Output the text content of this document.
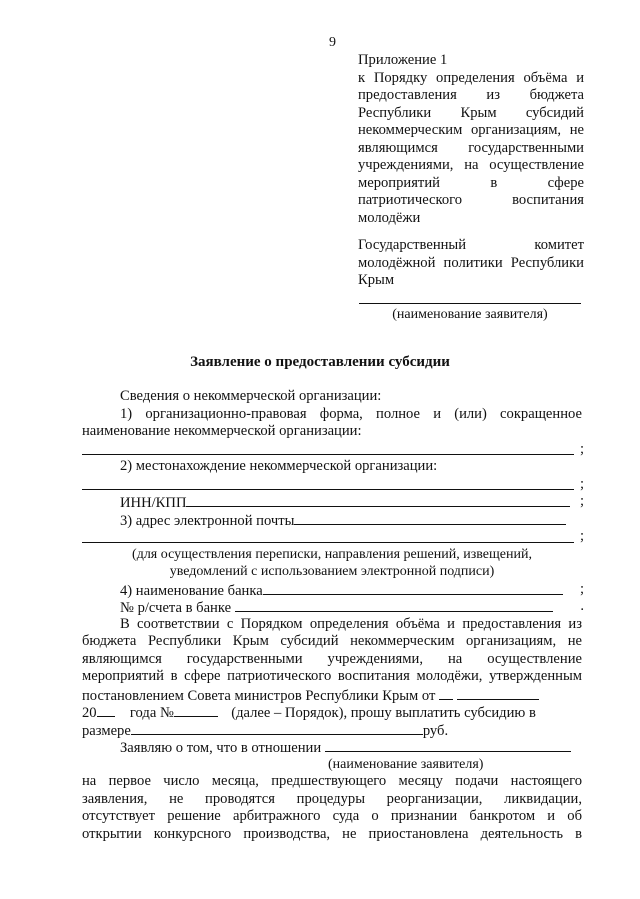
9
Приложение 1
к Порядку определения объёма и
предоставления из бюджета
Республики Крым субсидий
некоммерческим организациям, не
являющимся государственными
учреждениями, на осуществление
мероприятий в сфере
патриотического воспитания
молодёжи
Государственный комитет
молодёжной политики Республики
Крым
(наименование заявителя)
Заявление о предоставлении субсидии
Сведения о некоммерческой организации:
1) организационно-правовая форма, полное и (или) сокращенное
наименование некоммерческой организации:
;
2) местонахождение некоммерческой организации:
;
ИНН/КПП	;
3) адрес электронной почты
;
(для осуществления переписки, направления решений, извещений,
уведомлений с использованием электронной подписи)
4) наименование банка	;
№ р/счета в банке	.
В соответствии с Порядком определения объёма и предоставления из
бюджета Республики Крым субсидий некоммерческим организациям, не
являющимся государственными учреждениями, на осуществление
мероприятий в сфере патриотического воспитания молодёжи, утвержденным
постановлением Совета министров Республики Крым от
20 года №	(далее – Порядок), прошу выплатить субсидию в
размере	руб.
Заявляю о том, что в отношении
(наименование заявителя)
на первое число месяца, предшествующего месяцу подачи настоящего
заявления, не проводятся процедуры реорганизации, ликвидации,
отсутствует решение арбитражного суда о признании банкротом и об
открытии конкурсного производства, не приостановлена деятельность в
